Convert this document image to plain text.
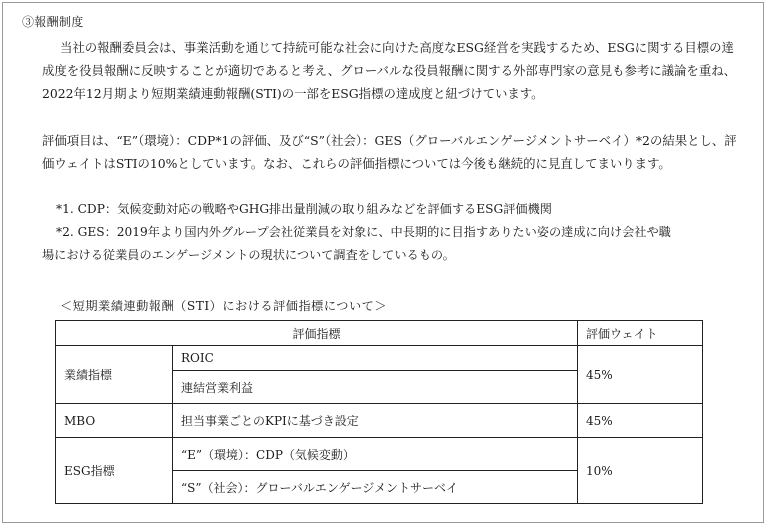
③報酬制度

当社の報酬委員会は、事業活動を通じて持続可能な社会に向けた高度なESG経営を実践するため、ESGに関する目標の達成度を役員報酬に反映することが適切であると考え、グローバルな役員報酬に関する外部専門家の意見も参考に議論を重ね、2022年12月期より短期業績連動報酬(STI)の一部をESG指標の達成度と紐づけています。

評価項目は、“E”（環境）：CDP*1の評価、及び“S”（社会）：GES（グローバルエンゲージメントサーベイ）*2の結果とし、評価ウェイトはSTIの10%としています。なお、これらの評価指標については今後も継続的に見直してまいります。

*1. CDP：気候変動対応の戦略やGHG排出量削減の取り組みなどを評価するESG評価機関

*2. GES：2019年より国内外グループ会社従業員を対象に、中長期的に目指すありたい姿の達成に向け会社や職
場における従業員のエンゲージメントの現状について調査をしているもの。

＜短期業績連動報酬（STI）における評価指標について＞
評価指標		評価ウェイト
業績指標	ROIC	45%
	連結営業利益	
MBO	担当事業ごとのKPIに基づき設定	45%
ESG指標	“E”（環境）：CDP（気候変動）	10%
	“S”（社会）：グローバルエンゲージメントサーベイ	
